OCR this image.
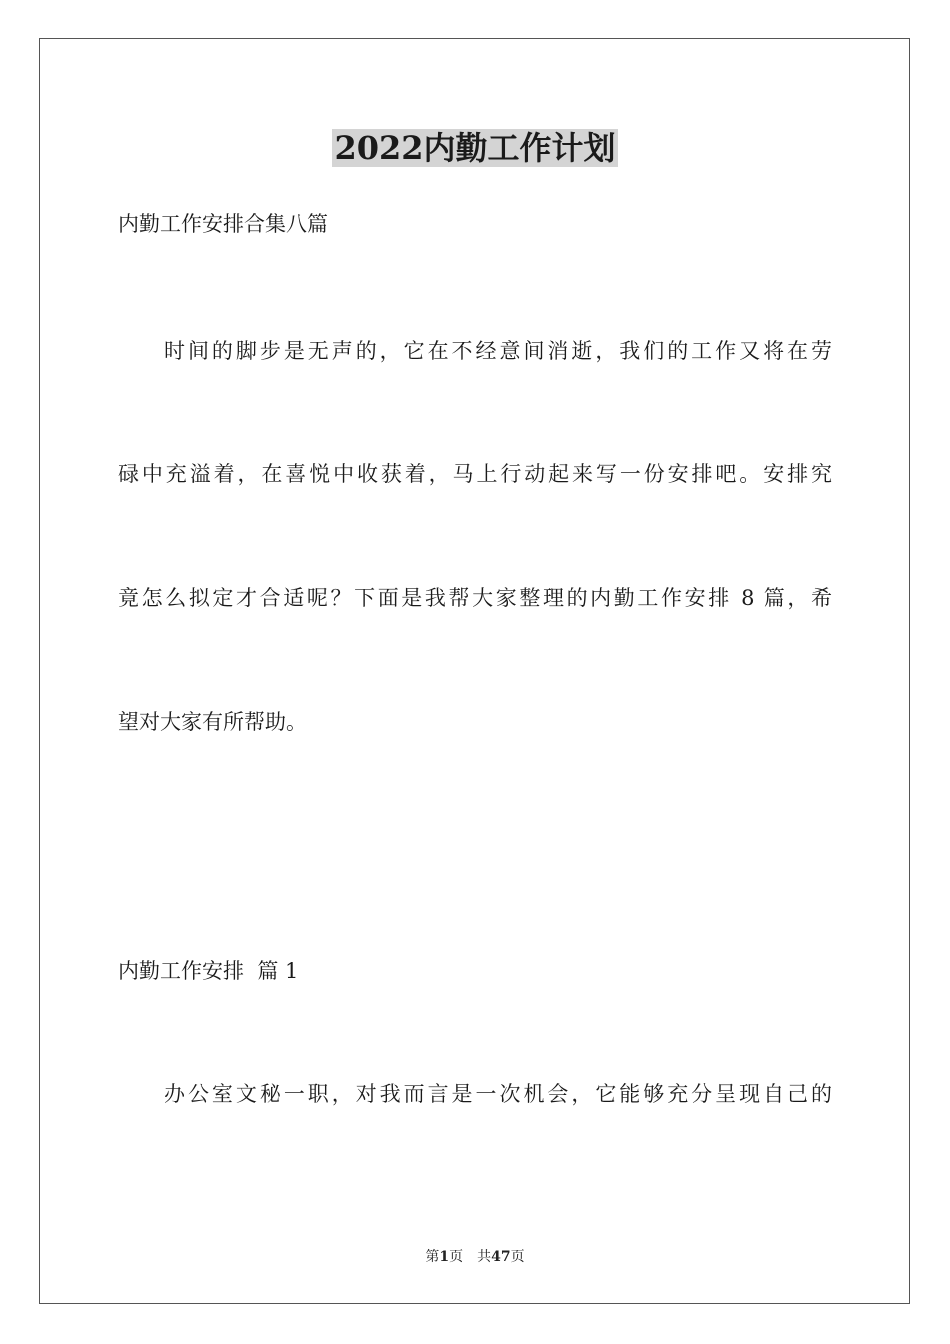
2022内勤工作计划

内勤工作安排合集八篇

时间的脚步是无声的，它在不经意间消逝，我们的工作又将在劳

碌中充溢着，在喜悦中收获着，马上行动起来写一份安排吧。安排究

竟怎么拟定才合适呢？下面是我帮大家整理的内勤工作安排 8 篇，希

望对大家有所帮助。

内勤工作安排  篇 1

办公室文秘一职，对我而言是一次机会，它能够充分呈现自己的

第1页 共47页
